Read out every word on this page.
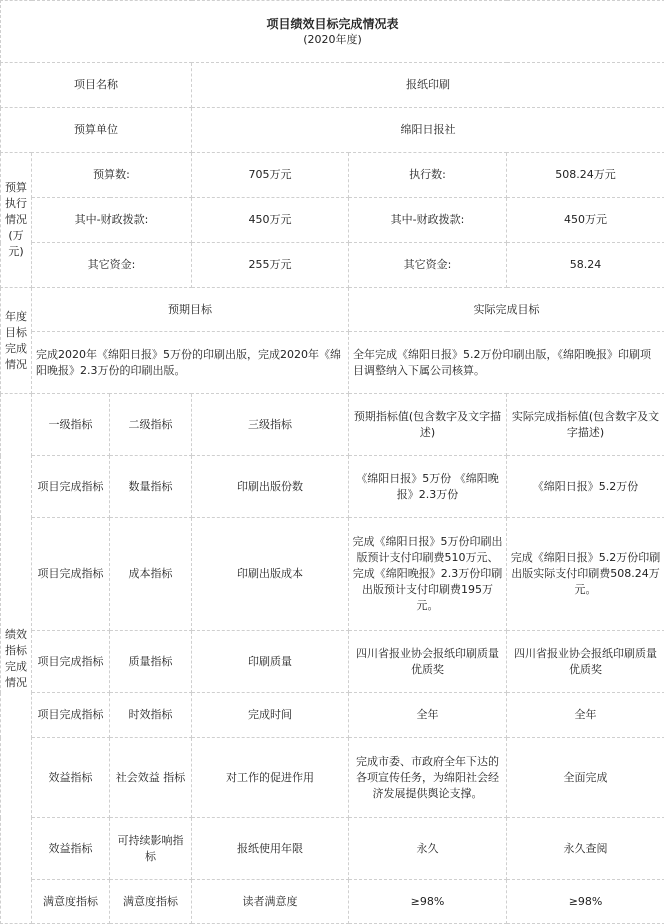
项目绩效目标完成情况表
(2020年度)					

项目名称			报纸印刷		
预算单位			绵阳日报社		
预算执行情况(万元)	预算数:		705万元	执行数:	508.24万元
	其中-财政拨款:		450万元	其中-财政拨款:	450万元
	其它资金:		255万元	其它资金:	58.24
年度目标完成情况	预期目标			实际完成目标	
	完成2020年《绵阳日报》5万份的印刷出版，完成2020年《绵阳晚报》2.3万份的印刷出版。			全年完成《绵阳日报》5.2万份印刷出版，《绵阳晚报》印刷项目调整纳入下属公司核算。	
绩效指标完成情况	一级指标	二级指标	三级指标	预期指标值(包含数字及文字描述)	实际完成指标值(包含数字及文字描述)
	项目完成指标	数量指标	印刷出版份数	《绵阳日报》5万份 《绵阳晚报》2.3万份	《绵阳日报》5.2万份
	项目完成指标	成本指标	印刷出版成本	完成《绵阳日报》5万份印刷出版预计支付印刷费510万元、完成《绵阳晚报》2.3万份印刷出版预计支付印刷费195万元。	完成《绵阳日报》5.2万份印刷出版实际支付印刷费508.24万元。
	项目完成指标	质量指标	印刷质量	四川省报业协会报纸印刷质量优质奖	四川省报业协会报纸印刷质量优质奖
	项目完成指标	时效指标	完成时间	全年	全年
	效益指标	社会效益 指标	对工作的促进作用	完成市委、市政府全年下达的各项宣传任务，为绵阳社会经济发展提供舆论支撑。	全面完成
	效益指标	可持续影响指标	报纸使用年限	永久	永久查阅
	满意度指标	满意度指标	读者满意度	≥98%	≥98%
